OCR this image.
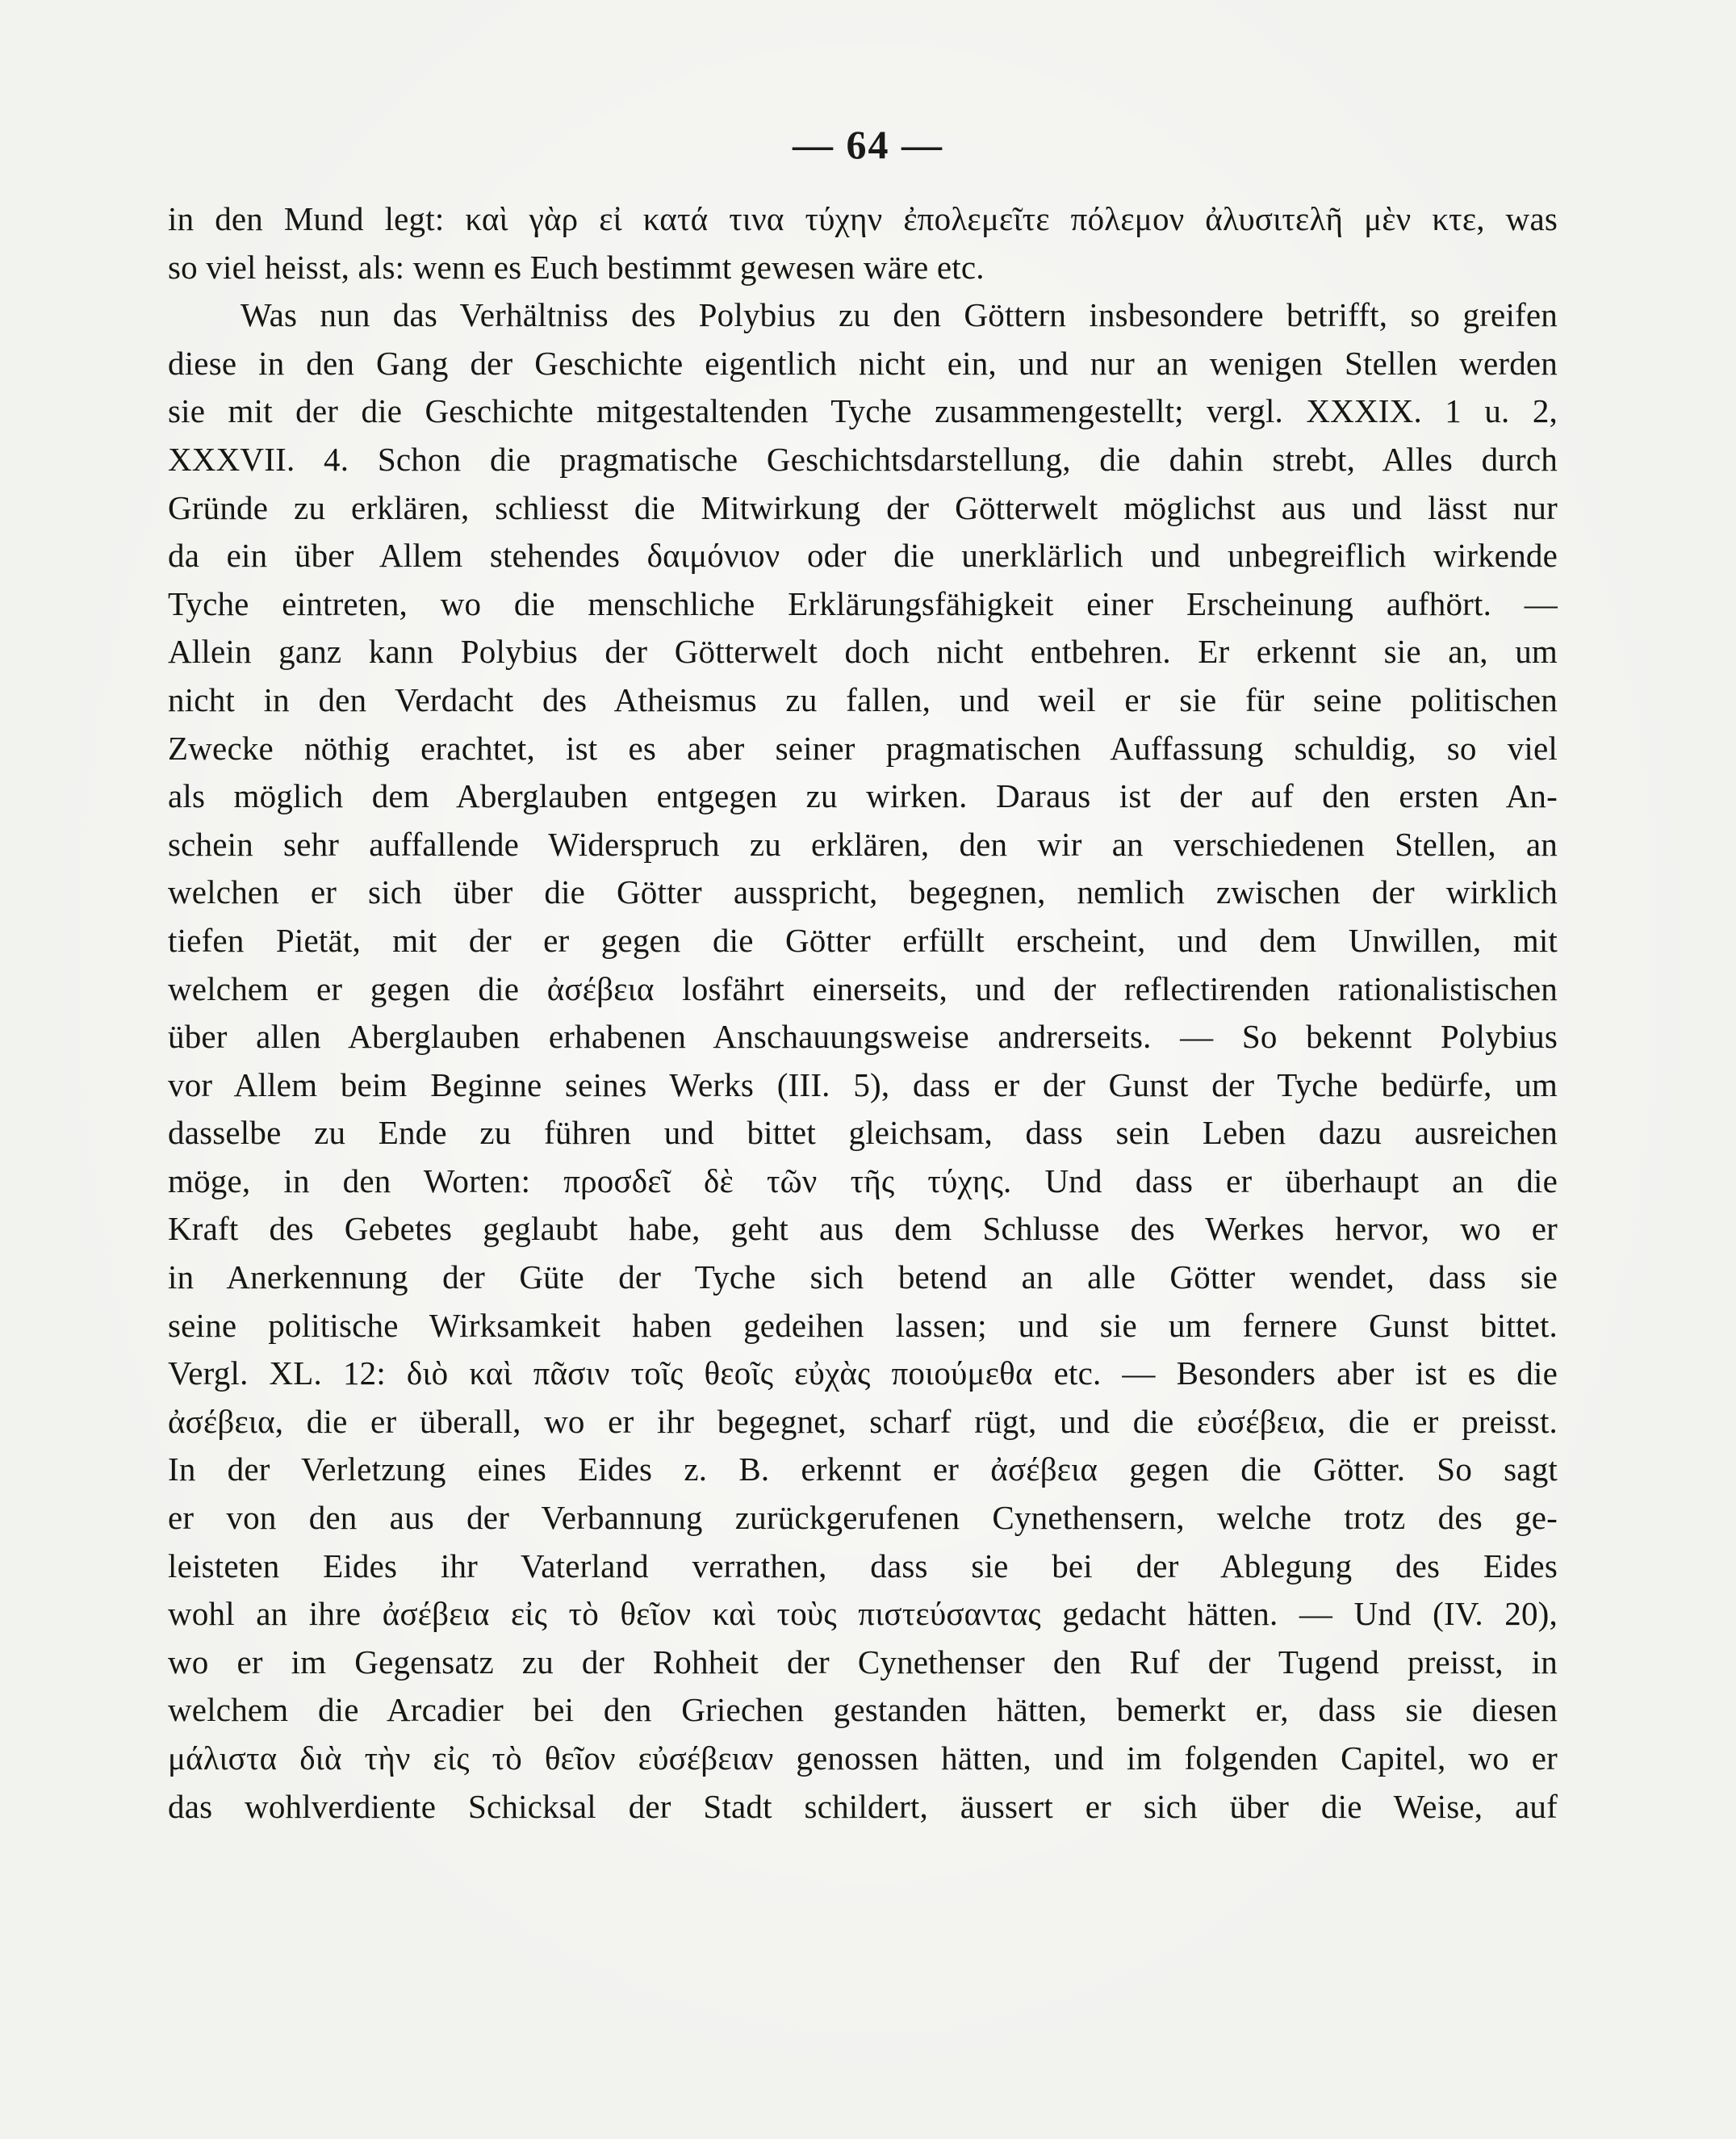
— 64 —
in den Mund legt: καὶ γὰρ εἰ κατά τινα τύχην ἐπολεμεῖτε πόλεμον ἀλυσιτελῆ μὲν κτε, was
so viel heisst, als: wenn es Euch bestimmt gewesen wäre etc.
Was nun das Verhältniss des Polybius zu den Göttern insbesondere betrifft, so greifen
diese in den Gang der Geschichte eigentlich nicht ein, und nur an wenigen Stellen werden
sie mit der die Geschichte mitgestaltenden Tyche zusammengestellt; vergl. XXXIX. 1 u. 2,
XXXVII. 4. Schon die pragmatische Geschichtsdarstellung, die dahin strebt, Alles durch
Gründe zu erklären, schliesst die Mitwirkung der Götterwelt möglichst aus und lässt nur
da ein über Allem stehendes δαιμόνιον oder die unerklärlich und unbegreiflich wirkende
Tyche eintreten, wo die menschliche Erklärungsfähigkeit einer Erscheinung aufhört. —
Allein ganz kann Polybius der Götterwelt doch nicht entbehren. Er erkennt sie an, um
nicht in den Verdacht des Atheismus zu fallen, und weil er sie für seine politischen
Zwecke nöthig erachtet, ist es aber seiner pragmatischen Auffassung schuldig, so viel
als möglich dem Aberglauben entgegen zu wirken. Daraus ist der auf den ersten An-
schein sehr auffallende Widerspruch zu erklären, den wir an verschiedenen Stellen, an
welchen er sich über die Götter ausspricht, begegnen, nemlich zwischen der wirklich
tiefen Pietät, mit der er gegen die Götter erfüllt erscheint, und dem Unwillen, mit
welchem er gegen die ἀσέβεια losfährt einerseits, und der reflectirenden rationalistischen
über allen Aberglauben erhabenen Anschauungsweise andrerseits. — So bekennt Polybius
vor Allem beim Beginne seines Werks (III. 5), dass er der Gunst der Tyche bedürfe, um
dasselbe zu Ende zu führen und bittet gleichsam, dass sein Leben dazu ausreichen
möge, in den Worten: προσδεῖ δὲ τῶν τῆς τύχης. Und dass er überhaupt an die
Kraft des Gebetes geglaubt habe, geht aus dem Schlusse des Werkes hervor, wo er
in Anerkennung der Güte der Tyche sich betend an alle Götter wendet, dass sie
seine politische Wirksamkeit haben gedeihen lassen; und sie um fernere Gunst bittet.
Vergl. XL. 12: διὸ καὶ πᾶσιν τοῖς θεοῖς εὐχὰς ποιούμεθα etc. — Besonders aber ist es die
ἀσέβεια, die er überall, wo er ihr begegnet, scharf rügt, und die εὐσέβεια, die er preisst.
In der Verletzung eines Eides z. B. erkennt er ἀσέβεια gegen die Götter. So sagt
er von den aus der Verbannung zurückgerufenen Cynethensern, welche trotz des ge-
leisteten Eides ihr Vaterland verrathen, dass sie bei der Ablegung des Eides
wohl an ihre ἀσέβεια εἰς τὸ θεῖον καὶ τοὺς πιστεύσαντας gedacht hätten. — Und (IV. 20),
wo er im Gegensatz zu der Rohheit der Cynethenser den Ruf der Tugend preisst, in
welchem die Arcadier bei den Griechen gestanden hätten, bemerkt er, dass sie diesen
μάλιστα διὰ τὴν εἰς τὸ θεῖον εὐσέβειαν genossen hätten, und im folgenden Capitel, wo er
das wohlverdiente Schicksal der Stadt schildert, äussert er sich über die Weise, auf
